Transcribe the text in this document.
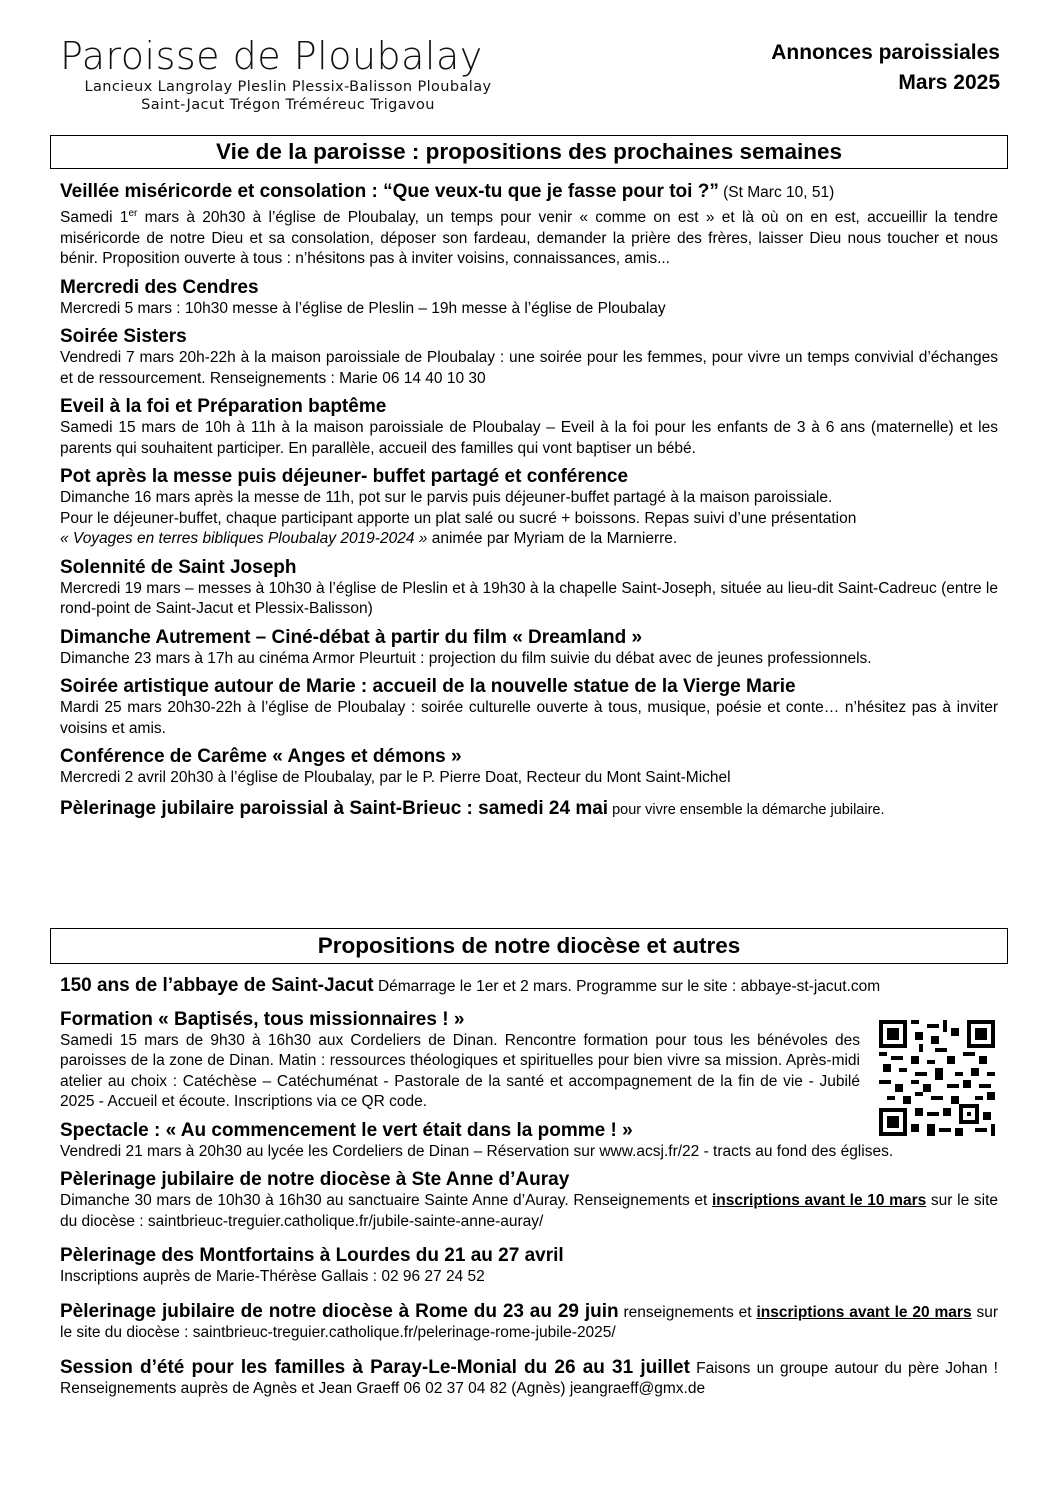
Paroisse de Ploubalay
Lancieux Langrolay Pleslin Plessix-Balisson Ploubalay
Saint-Jacut Trégon Tréméreuc Trigavou
Annonces paroissiales
Mars 2025
Vie de la paroisse : propositions des prochaines semaines
Veillée miséricorde et consolation : “Que veux-tu que je fasse pour toi ?” (St Marc 10, 51)

Samedi 1er mars à 20h30 à l’église de Ploubalay, un temps pour venir « comme on est » et là où on en est, accueillir la tendre miséricorde de notre Dieu et sa consolation, déposer son fardeau, demander la prière des frères, laisser Dieu nous toucher et nous bénir. Proposition ouverte à tous : n’hésitons pas à inviter voisins, connaissances, amis...

Mercredi des Cendres

Mercredi 5 mars : 10h30 messe à l’église de Pleslin – 19h messe à l’église de Ploubalay

Soirée Sisters

Vendredi 7 mars 20h-22h à la maison paroissiale de Ploubalay : une soirée pour les femmes, pour vivre un temps convivial d’échanges et de ressourcement. Renseignements : Marie 06 14 40 10 30

Eveil à la foi et Préparation baptême

Samedi 15 mars de 10h à 11h à la maison paroissiale de Ploubalay – Eveil à la foi pour les enfants de 3 à 6 ans (maternelle) et les parents qui souhaitent participer. En parallèle, accueil des familles qui vont baptiser un bébé.

Pot après la messe puis déjeuner- buffet partagé et conférence

Dimanche 16 mars après la messe de 11h, pot sur le parvis puis déjeuner-buffet partagé à la maison paroissiale.

Pour le déjeuner-buffet, chaque participant apporte un plat salé ou sucré + boissons. Repas suivi d’une présentation

« Voyages en terres bibliques Ploubalay 2019-2024 » animée par Myriam de la Marnierre.

Solennité de Saint Joseph

Mercredi 19 mars – messes à 10h30 à l’église de Pleslin et à 19h30 à la chapelle Saint-Joseph, située au lieu-dit Saint-Cadreuc (entre le rond-point de Saint-Jacut et Plessix-Balisson)

Dimanche Autrement – Ciné-débat à partir du film « Dreamland »

Dimanche 23 mars à 17h au cinéma Armor Pleurtuit : projection du film suivie du débat avec de jeunes professionnels.

Soirée artistique autour de Marie : accueil de la nouvelle statue de la Vierge Marie

Mardi 25 mars 20h30-22h à l’église de Ploubalay : soirée culturelle ouverte à tous, musique, poésie et conte… n’hésitez pas à inviter voisins et amis.

Conférence de Carême « Anges et démons »

Mercredi 2 avril 20h30 à l’église de Ploubalay, par le P. Pierre Doat, Recteur du Mont Saint-Michel

Pèlerinage jubilaire paroissial à Saint-Brieuc : samedi 24 mai pour vivre ensemble la démarche jubilaire.

Propositions de notre diocèse et autres

150 ans de l’abbaye de Saint-Jacut Démarrage le 1er et 2 mars. Programme sur le site : abbaye-st-jacut.com

Formation « Baptisés, tous missionnaires ! »

Samedi 15 mars de 9h30 à 16h30 aux Cordeliers de Dinan. Rencontre formation pour tous les bénévoles des paroisses de la zone de Dinan. Matin : ressources théologiques et spirituelles pour bien vivre sa mission. Après-midi atelier au choix : Catéchèse – Catéchuménat - Pastorale de la santé et accompagnement de la fin de vie - Jubilé 2025 - Accueil et écoute. Inscriptions via ce QR code.

Spectacle : « Au commencement le vert était dans la pomme ! »

Vendredi 21 mars à 20h30 au lycée les Cordeliers de Dinan – Réservation sur www.acsj.fr/22 - tracts au fond des églises.

Pèlerinage jubilaire de notre diocèse à Ste Anne d’Auray

Dimanche 30 mars de 10h30 à 16h30 au sanctuaire Sainte Anne d’Auray. Renseignements et inscriptions avant le 10 mars sur le site du diocèse : saintbrieuc-treguier.catholique.fr/jubile-sainte-anne-auray/

Pèlerinage des Montfortains à Lourdes du 21 au 27 avril

Inscriptions auprès de Marie-Thérèse Gallais : 02 96 27 24 52

Pèlerinage jubilaire de notre diocèse à Rome du 23 au 29 juin renseignements et inscriptions avant le 20 mars sur le site du diocèse : saintbrieuc-treguier.catholique.fr/pelerinage-rome-jubile-2025/

Session d’été pour les familles à Paray-Le-Monial du 26 au 31 juillet Faisons un groupe autour du père Johan ! Renseignements auprès de Agnès et Jean Graeff 06 02 37 04 82 (Agnès) jeangraeff@gmx.de
